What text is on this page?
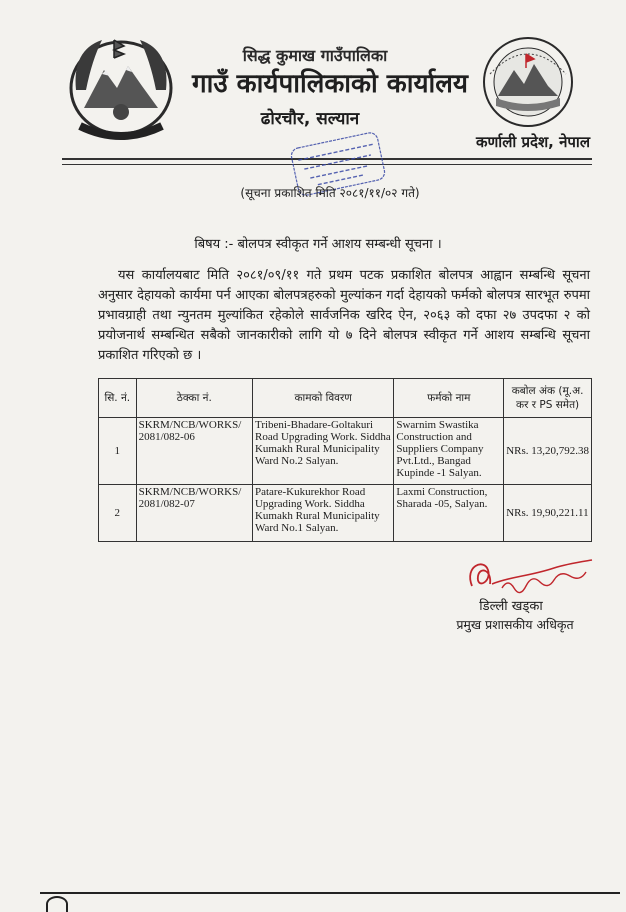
सिद्ध कुमाख गाउँपालिका
गाउँ कार्यपालिकाको कार्यालय
ढोरचौर, सल्यान
कर्णाली प्रदेश, नेपाल
(सूचना प्रकाशित मिति २०८१/११/०२ गते)
बिषय :- बोलपत्र स्वीकृत गर्ने आशय सम्बन्धी सूचना ।
यस कार्यालयबाट मिति २०८१/०९/११ गते प्रथम पटक प्रकाशित बोलपत्र आह्वान सम्बन्धि सूचना अनुसार देहायको कार्यमा पर्न आएका बोलपत्रहरुको मुल्यांकन गर्दा देहायको फर्मको बोलपत्र सारभूत रुपमा प्रभावग्राही तथा न्युनतम मुल्यांकित रहेकोले सार्वजनिक खरिद ऐन, २०६३ को दफा २७ उपदफा २ को प्रयोजनार्थ सम्बन्धित सबैको जानकारीको लागि यो ७ दिने बोलपत्र स्वीकृत गर्ने आशय सम्बन्धि सूचना प्रकाशित गरिएको छ ।
सि. नं.	ठेक्का नं.	कामको विवरण	फर्मको नाम	कबोल अंक (मू.अ. कर र PS समेत)
1	SKRM/NCB/WORKS/ 2081/082-06	Tribeni-Bhadare-Goltakuri Road Upgrading Work. Siddha Kumakh Rural Municipality Ward No.2 Salyan.	Swarnim Swastika Construction and Suppliers Company Pvt.Ltd., Bangad Kupinde -1 Salyan.	NRs. 13,20,792.38
2	SKRM/NCB/WORKS/ 2081/082-07	Patare-Kukurekhor Road Upgrading Work. Siddha Kumakh Rural Municipality Ward No.1 Salyan.	Laxmi Construction, Sharada -05, Salyan.	NRs. 19,90,221.11
डिल्ली खड्का
प्रमुख प्रशासकीय अधिकृत
